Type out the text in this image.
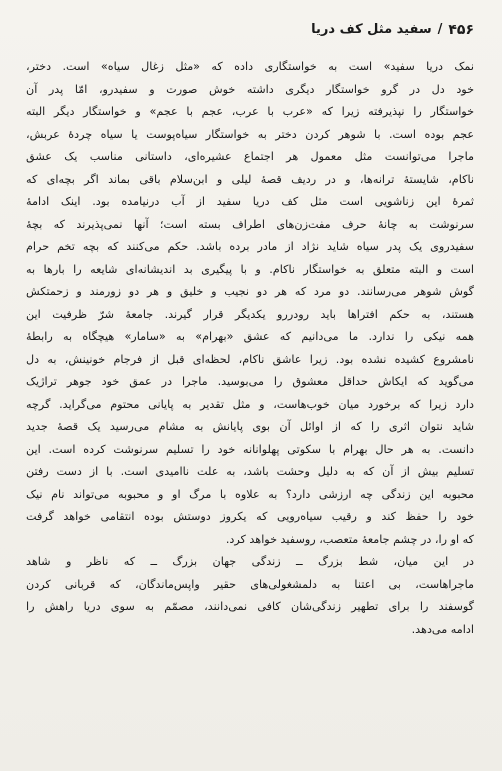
۴۵۶
/
سفید مثل کف دریا
نمک دریا سفید» است به خواستگاری داده که «مثل زغال سیاه» است. دختر،
خود دل در گرو خواستگار دیگری داشته خوش صورت و سفیدرو، امّا پدر آن
خواستگار را نپذیرفته زیرا که «عرب با عرب، عجم با عجم» و خواستگار دیگر البته
عجم بوده است. با شوهر کردن دختر به خواستگار سیاه‌پوست یا سیاه چردهٔ عربش،
ماجرا می‌توانست مثل معمول هر اجتماع عشیره‌ای، داستانی مناسب یک عشق
ناکام، شایستهٔ ترانه‌ها، و در ردیف قصهٔ لیلی و ابن‌سلام باقی بماند اگر بچه‌ای که
ثمرهٔ این زناشویی است مثل کف دریا سفید از آب درنیامده بود. اینک ادامهٔ
سرنوشت به چانهٔ حرف مفت‌زن‌های اطراف بسته است؛ آنها نمی‌پذیرند که بچهٔ
سفیدروی یک پدر سیاه شاید نژاد از مادر برده باشد. حکم می‌کنند که بچه تخم حرام
است و البته متعلق به خواستگار ناکام. و با پیگیری بد اندیشانه‌ای شایعه را بارها به
گوش شوهر می‌رسانند. دو مرد که هر دو نجیب و خلیق و هر دو زورمند و زحمتکش
هستند، به حکم افتراها باید رودررو یکدیگر قرار گیرند. جامعهٔ شرّ ظرفیت این
همه نیکی را ندارد. ما می‌دانیم که عشق «بهرام» به «سامار» هیچگاه به رابطهٔ
نامشروع کشیده نشده بود. زیرا عاشق ناکام، لحظه‌ای قبل از فرجام خونینش، به دل
می‌گوید که ایکاش حداقل معشوق را می‌بوسید. ماجرا در عمق خود جوهر تراژیک
دارد زیرا که برخورد میان خوب‌هاست، و مثل تقدیر به پایانی محتوم می‌گراید. گرچه
شاید نتوان اثری را که از اوائل آن بوی پایانش به مشام می‌رسید یک قصهٔ جدید
دانست. به هر حال بهرام با سکوتی پهلوانانه خود را تسلیم سرنوشت کرده است. این
تسلیم بیش از آن که به دلیل وحشت باشد، به علت ناامیدی است. با از دست رفتن
محبوبه این زندگی چه ارزشی دارد؟ به علاوه با مرگ او و محبوبه می‌تواند نام نیک
خود را حفظ کند و رقیب سیاه‌رویی که یکروز دوستش بوده انتقامی خواهد گرفت
که او را، در چشم جامعهٔ متعصب، روسفید خواهد کرد.
در این میان، شط بزرگ ــ زندگی جهان بزرگ ــ که ناظر و شاهد
ماجراهاست، بی اعتنا به دلمشغولی‌های حقیر واپس‌ماندگان، که قربانی کردن
گوسفند را برای تطهیر زندگی‌شان کافی نمی‌دانند، مصمّم به سوی دریا راهش را
ادامه می‌دهد.
